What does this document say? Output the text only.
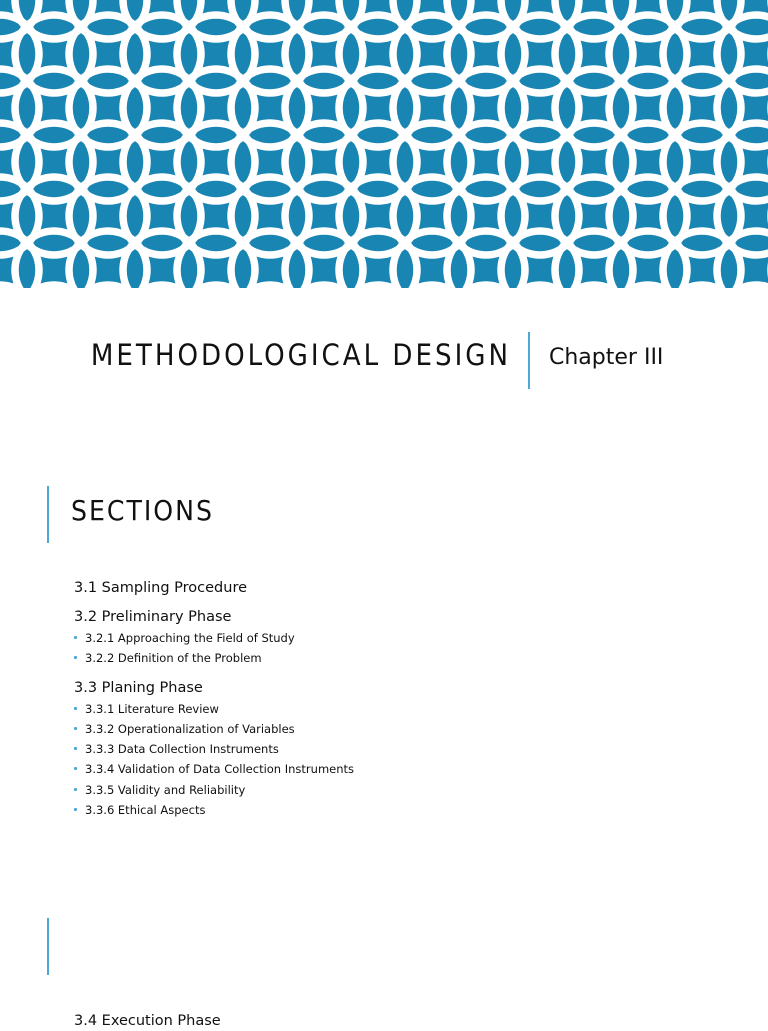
METHODOLOGICAL DESIGN Chapter III
SECTIONS
3.1 Sampling Procedure
3.2 Preliminary Phase
3.2.1 Approaching the Field of Study
3.2.2 Definition of the Problem
3.3 Planing Phase
3.3.1 Literature Review
3.3.2 Operationalization of Variables
3.3.3 Data Collection Instruments
3.3.4 Validation of Data Collection Instruments
3.3.5 Validity and Reliability
3.3.6 Ethical Aspects
3.4 Execution Phase
